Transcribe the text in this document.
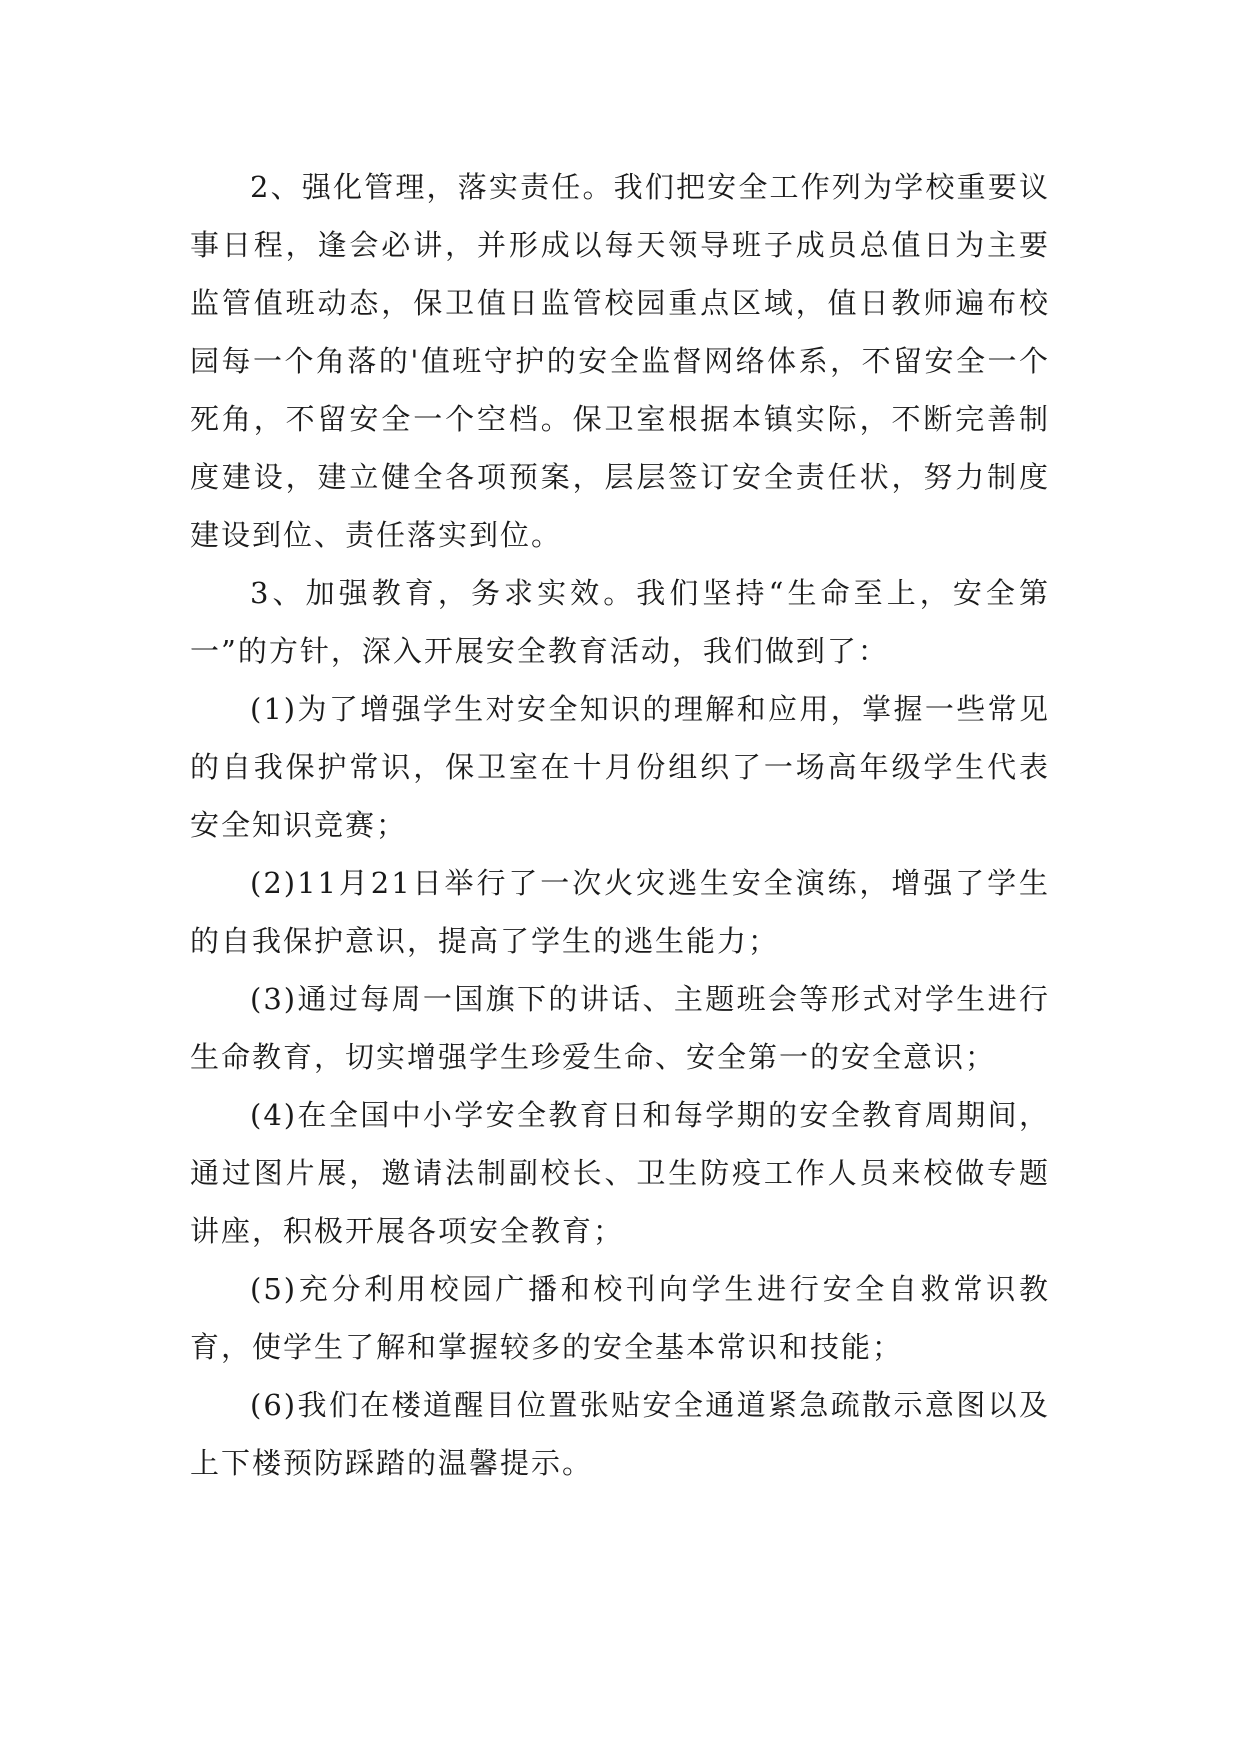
2、强化管理，落实责任。我们把安全工作列为学校重要议事日程，逢会必讲，并形成以每天领导班子成员总值日为主要监管值班动态，保卫值日监管校园重点区域，值日教师遍布校园每一个角落的'值班守护的安全监督网络体系，不留安全一个死角，不留安全一个空档。保卫室根据本镇实际，不断完善制度建设，建立健全各项预案，层层签订安全责任状，努力制度建设到位、责任落实到位。

3、加强教育，务求实效。我们坚持“生命至上，安全第一”的方针，深入开展安全教育活动，我们做到了：

(1)为了增强学生对安全知识的理解和应用，掌握一些常见的自我保护常识，保卫室在十月份组织了一场高年级学生代表安全知识竞赛；

(2)11月21日举行了一次火灾逃生安全演练，增强了学生的自我保护意识，提高了学生的逃生能力；

(3)通过每周一国旗下的讲话、主题班会等形式对学生进行生命教育，切实增强学生珍爱生命、安全第一的安全意识；

(4)在全国中小学安全教育日和每学期的安全教育周期间，通过图片展，邀请法制副校长、卫生防疫工作人员来校做专题讲座，积极开展各项安全教育；

(5)充分利用校园广播和校刊向学生进行安全自救常识教育，使学生了解和掌握较多的安全基本常识和技能；

(6)我们在楼道醒目位置张贴安全通道紧急疏散示意图以及上下楼预防踩踏的温馨提示。
